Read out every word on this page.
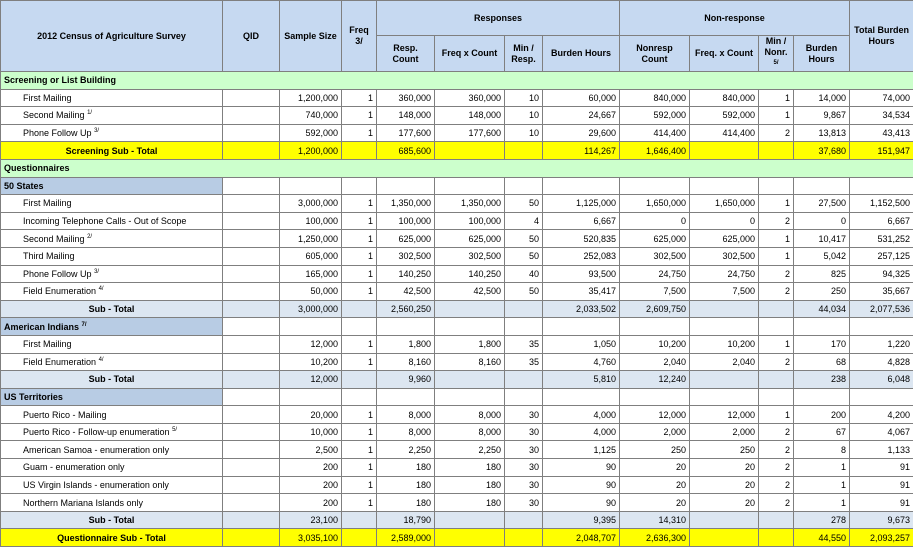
2012 Census of Agriculture Survey	QID	Sample Size	Freq 3/	Responses				Non-response				Total Burden Hours
				Resp. Count	Freq x Count	Min / Resp.	Burden Hours	Nonresp Count	Freq. x Count	Min / Nonr. $^{5/}$	Burden Hours	
Screening or List Building												
First Mailing		1,200,000	1	360,000	360,000	10	60,000	840,000	840,000	1	14,000	74,000
Second Mailing $^{1/}$		740,000	1	148,000	148,000	10	24,667	592,000	592,000	1	9,867	34,534
Phone Follow Up $^{3/}$		592,000	1	177,600	177,600	10	29,600	414,400	414,400	2	13,813	43,413
Screening Sub - Total		1,200,000		685,600			114,267	1,646,400			37,680	151,947
Questionnaires												
50 States												
First Mailing		3,000,000	1	1,350,000	1,350,000	50	1,125,000	1,650,000	1,650,000	1	27,500	1,152,500
Incoming Telephone Calls - Out of Scope		100,000	1	100,000	100,000	4	6,667	0	0	2	0	6,667
Second Mailing $^{2/}$		1,250,000	1	625,000	625,000	50	520,835	625,000	625,000	1	10,417	531,252
Third Mailing		605,000	1	302,500	302,500	50	252,083	302,500	302,500	1	5,042	257,125
Phone Follow Up $^{3/}$		165,000	1	140,250	140,250	40	93,500	24,750	24,750	2	825	94,325
Field Enumeration $^{4/}$		50,000	1	42,500	42,500	50	35,417	7,500	7,500	2	250	35,667
Sub - Total		3,000,000		2,560,250			2,033,502	2,609,750			44,034	2,077,536
American Indians $^{7/}$												
First Mailing		12,000	1	1,800	1,800	35	1,050	10,200	10,200	1	170	1,220
Field Enumeration $^{4/}$		10,200	1	8,160	8,160	35	4,760	2,040	2,040	2	68	4,828
Sub - Total		12,000		9,960			5,810	12,240			238	6,048
US Territories												
Puerto Rico - Mailing		20,000	1	8,000	8,000	30	4,000	12,000	12,000	1	200	4,200
Puerto Rico - Follow-up enumeration $^{5/}$		10,000	1	8,000	8,000	30	4,000	2,000	2,000	2	67	4,067
American Samoa - enumeration only		2,500	1	2,250	2,250	30	1,125	250	250	2	8	1,133
Guam - enumeration only		200	1	180	180	30	90	20	20	2	1	91
US Virgin Islands - enumeration only		200	1	180	180	30	90	20	20	2	1	91
Northern Mariana Islands only		200	1	180	180	30	90	20	20	2	1	91
Sub - Total		23,100		18,790			9,395	14,310			278	9,673
Questionnaire Sub - Total		3,035,100		2,589,000			2,048,707	2,636,300			44,550	2,093,257
